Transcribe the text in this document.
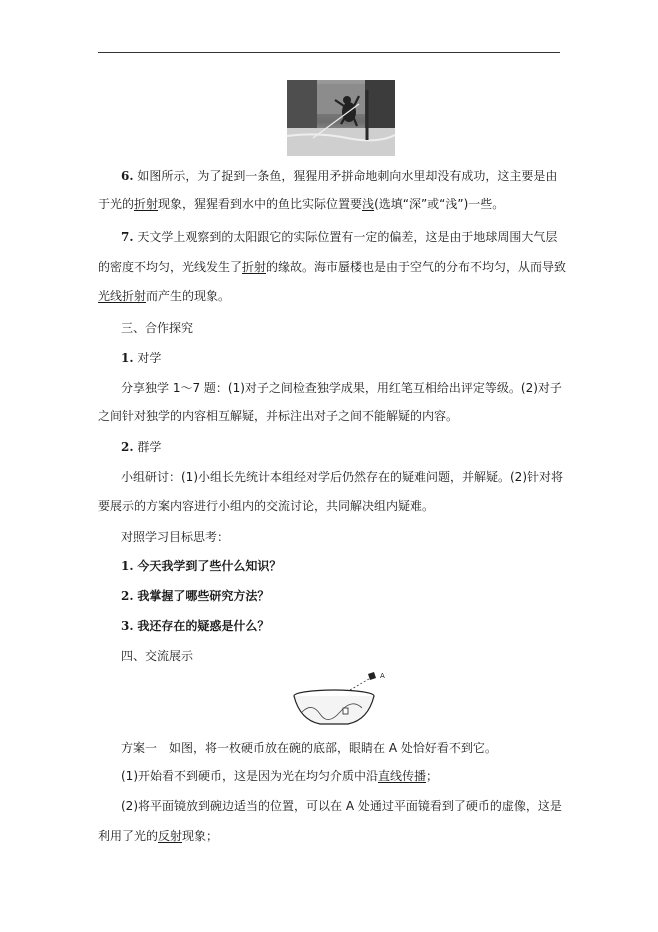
6. 如图所示，为了捉到一条鱼，猩猩用矛拼命地刺向水里却没有成功，这主要是由
于光的折射现象，猩猩看到水中的鱼比实际位置要浅(选填“深”或“浅”)一些。
7. 天文学上观察到的太阳跟它的实际位置有一定的偏差，这是由于地球周围大气层
的密度不均匀，光线发生了折射的缘故。海市蜃楼也是由于空气的分布不均匀，从而导致
光线折射而产生的现象。
三、合作探究
1. 对学
分享独学 1～7 题：(1)对子之间检查独学成果，用红笔互相给出评定等级。(2)对子
之间针对独学的内容相互解疑，并标注出对子之间不能解疑的内容。
2. 群学
小组研讨：(1)小组长先统计本组经对学后仍然存在的疑难问题，并解疑。(2)针对将
要展示的方案内容进行小组内的交流讨论，共同解决组内疑难。
对照学习目标思考：
1. 今天我学到了些什么知识？
2. 我掌握了哪些研究方法？
3. 我还存在的疑惑是什么？
四、交流展示
A
方案一　如图，将一枚硬币放在碗的底部，眼睛在 A 处恰好看不到它。
(1)开始看不到硬币，这是因为光在均匀介质中沿直线传播；
(2)将平面镜放到碗边适当的位置，可以在 A 处通过平面镜看到了硬币的虚像，这是
利用了光的反射现象；
